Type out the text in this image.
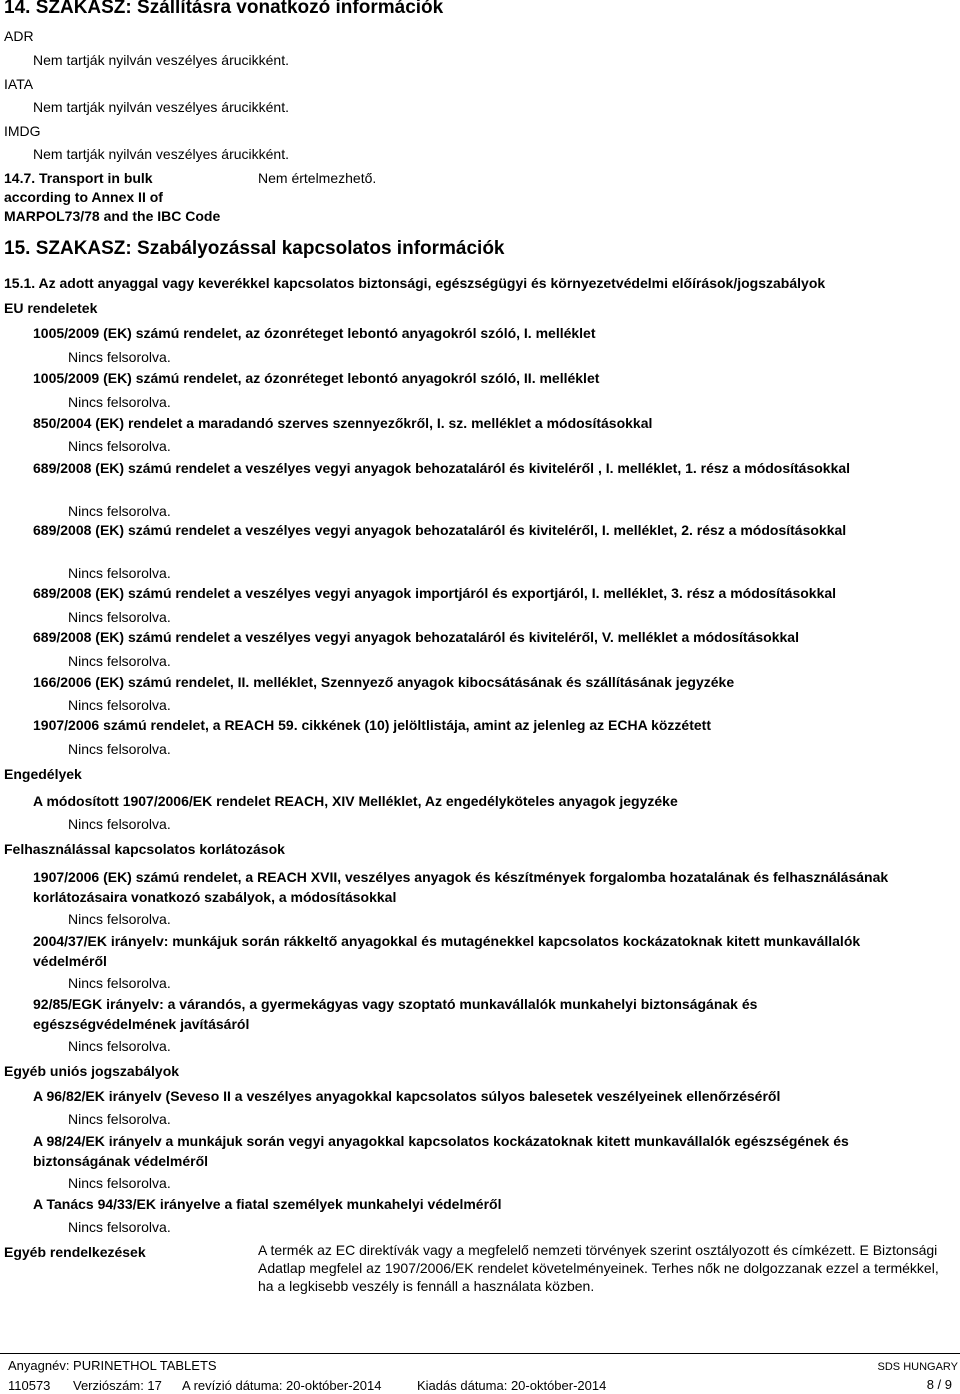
14. SZAKASZ: Szállításra vonatkozó információk
ADR
Nem tartják nyilván veszélyes árucikként.
IATA
Nem tartják nyilván veszélyes árucikként.
IMDG
Nem tartják nyilván veszélyes árucikként.
14.7. Transport in bulk
according to Annex II of
MARPOL73/78 and the IBC Code
Nem értelmezhető.
15. SZAKASZ: Szabályozással kapcsolatos információk
15.1. Az adott anyaggal vagy keverékkel kapcsolatos biztonsági, egészségügyi és környezetvédelmi előírások/jogszabályok
EU rendeletek
1005/2009 (EK) számú rendelet, az ózonréteget lebontó anyagokról szóló, I. melléklet
Nincs felsorolva.
1005/2009 (EK) számú rendelet, az ózonréteget lebontó anyagokról szóló, II. melléklet
Nincs felsorolva.
850/2004 (EK) rendelet a maradandó szerves szennyezőkről, I. sz. melléklet a módosításokkal
Nincs felsorolva.
689/2008 (EK) számú rendelet a veszélyes vegyi anyagok behozataláról és kiviteléről , I. melléklet, 1. rész a módosításokkal
Nincs felsorolva.
689/2008 (EK) számú rendelet a veszélyes vegyi anyagok behozataláról és kiviteléről, I. melléklet, 2. rész a módosításokkal
Nincs felsorolva.
689/2008 (EK) számú rendelet a veszélyes vegyi anyagok importjáról és exportjáról, I. melléklet, 3. rész a módosításokkal
Nincs felsorolva.
689/2008 (EK) számú rendelet a veszélyes vegyi anyagok behozataláról és kiviteléről, V. melléklet a módosításokkal
Nincs felsorolva.
166/2006 (EK) számú rendelet, II. melléklet, Szennyező anyagok kibocsátásának és szállításának jegyzéke
Nincs felsorolva.
1907/2006 számú rendelet, a REACH 59. cikkének (10) jelöltlistája, amint az jelenleg az ECHA közzétett
Nincs felsorolva.
Engedélyek
A módosított 1907/2006/EK rendelet REACH, XIV Melléklet, Az engedélyköteles anyagok jegyzéke
Nincs felsorolva.
Felhasználással kapcsolatos korlátozások
1907/2006 (EK) számú rendelet, a REACH XVII, veszélyes anyagok és készítmények forgalomba hozatalának és felhasználásának korlátozásaira vonatkozó szabályok, a módosításokkal
Nincs felsorolva.
2004/37/EK irányelv: munkájuk során rákkeltő anyagokkal és mutagénekkel kapcsolatos kockázatoknak kitett munkavállalók védelméről
Nincs felsorolva.
92/85/EGK irányelv: a várandós, a gyermekágyas vagy szoptató munkavállalók munkahelyi biztonságának és egészségvédelmének javításáról
Nincs felsorolva.
Egyéb uniós jogszabályok
A 96/82/EK irányelv (Seveso II a veszélyes anyagokkal kapcsolatos súlyos balesetek veszélyeinek ellenőrzéséről
Nincs felsorolva.
A 98/24/EK irányelv a munkájuk során vegyi anyagokkal kapcsolatos kockázatoknak kitett munkavállalók egészségének és biztonságának védelméről
Nincs felsorolva.
A Tanács 94/33/EK irányelve a fiatal személyek munkahelyi védelméről
Nincs felsorolva.
Egyéb rendelkezések	A termék az EC direktívák vagy a megfelelő nemzeti törvények szerint osztályozott és címkézett. E Biztonsági Adatlap megfelel az 1907/2006/EK rendelet követelményeinek. Terhes nők ne dolgozzanak ezzel a termékkel, ha a legkisebb veszély is fennáll a használata közben.
Anyagnév: PURINETHOL TABLETS
110573 Verziószám: 17 A revízió dátuma: 20-október-2014	Kiadás dátuma: 20-október-2014
SDS HUNGARY
8 / 9
